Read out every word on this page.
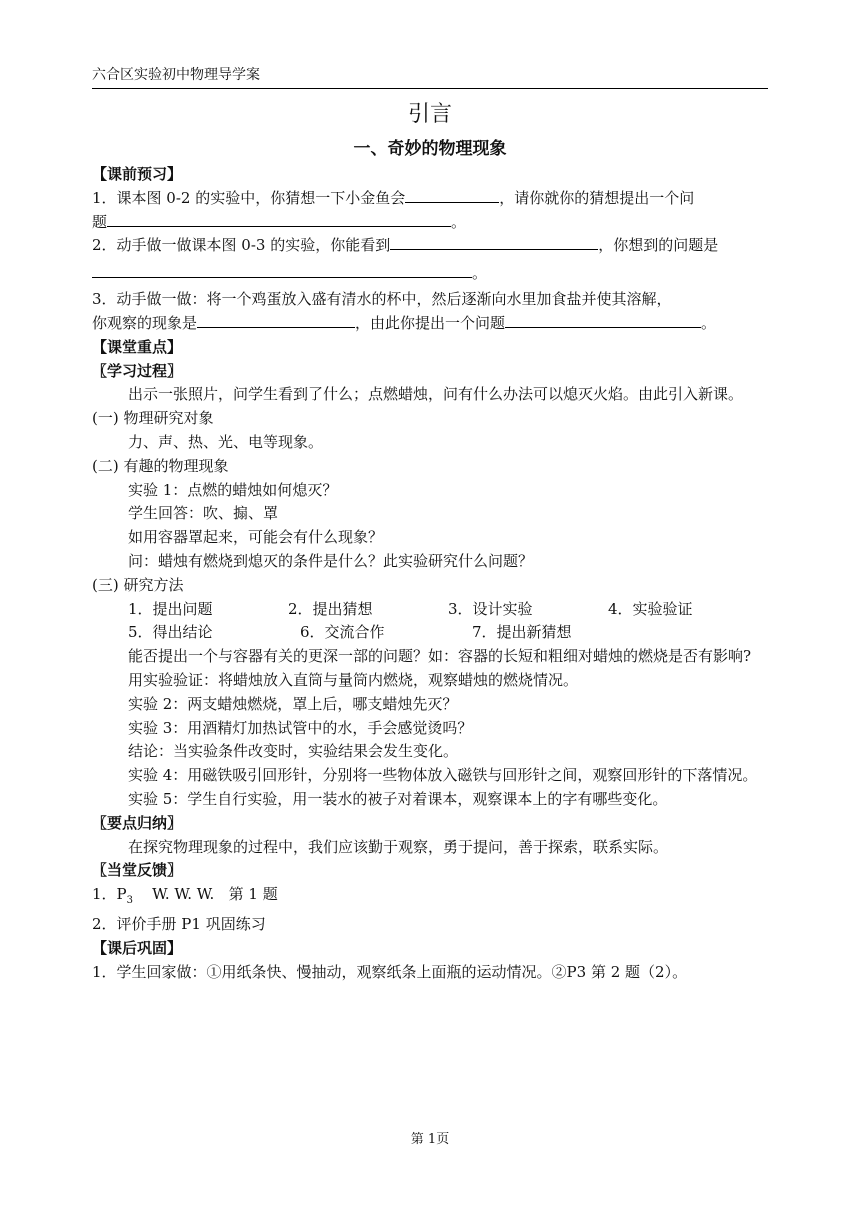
六合区实验初中物理导学案
引言
一、奇妙的物理现象
【课前预习】
1．课本图 0-2 的实验中，你猜想一下小金鱼会	，请你就你的猜想提出一个问
题	。
2．动手做一做课本图 0-3 的实验，你能看到	，你想到的问题是
。
3．动手做一做：将一个鸡蛋放入盛有清水的杯中，然后逐渐向水里加食盐并使其溶解，
你观察的现象是	，由此你提出一个问题	。
【课堂重点】
〖学习过程〗
出示一张照片，问学生看到了什么；点燃蜡烛，问有什么办法可以熄灭火焰。由此引入新课。
(一) 物理研究对象
力、声、热、光、电等现象。
(二) 有趣的物理现象
实验 1：点燃的蜡烛如何熄灭？
学生回答：吹、搧、罩
如用容器罩起来，可能会有什么现象？
问：蜡烛有燃烧到熄灭的条件是什么？此实验研究什么问题？
(三) 研究方法
1．提出问题	2．提出猜想	3．设计实验	4．实验验证
5．得出结论	6．交流合作	7．提出新猜想
能否提出一个与容器有关的更深一部的问题？如：容器的长短和粗细对蜡烛的燃烧是否有影响?
用实验验证：将蜡烛放入直筒与量筒内燃烧，观察蜡烛的燃烧情况。
实验 2：两支蜡烛燃烧，罩上后，哪支蜡烛先灭？
实验 3：用酒精灯加热试管中的水，手会感觉烫吗？
结论：当实验条件改变时，实验结果会发生变化。
实验 4：用磁铁吸引回形针，分别将一些物体放入磁铁与回形针之间，观察回形针的下落情况。
实验 5：学生自行实验，用一装水的被子对着课本，观察课本上的字有哪些变化。
〖要点归纳〗
在探究物理现象的过程中，我们应该勤于观察，勇于提问，善于探索，联系实际。
〖当堂反馈〗
1．$P_3$    W. W. W.   第 1 题
2．评价手册 P1 巩固练习
【课后巩固】
1．学生回家做：①用纸条快、慢抽动，观察纸条上面瓶的运动情况。②P3 第 2 题（2）。
第 1页
